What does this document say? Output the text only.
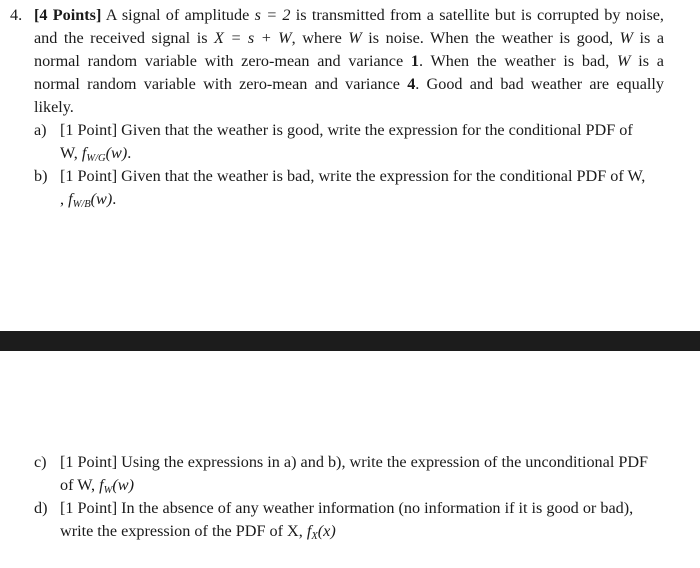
4. [4 Points] A signal of amplitude s = 2 is transmitted from a satellite but is corrupted by noise,
and the received signal is X = s + W, where W is noise. When the weather is good, W is a
normal random variable with zero-mean and variance 1. When the weather is bad, W is a
normal random variable with zero-mean and variance 4. Good and bad weather are equally
likely.
a) [1 Point] Given that the weather is good, write the expression for the conditional PDF of
W, fW/G(w).
b) [1 Point] Given that the weather is bad, write the expression for the conditional PDF of W,
, fW/B(w).
c) [1 Point] Using the expressions in a) and b), write the expression of the unconditional PDF
of W, fW(w)
d) [1 Point] In the absence of any weather information (no information if it is good or bad),
write the expression of the PDF of X, fX(x)
